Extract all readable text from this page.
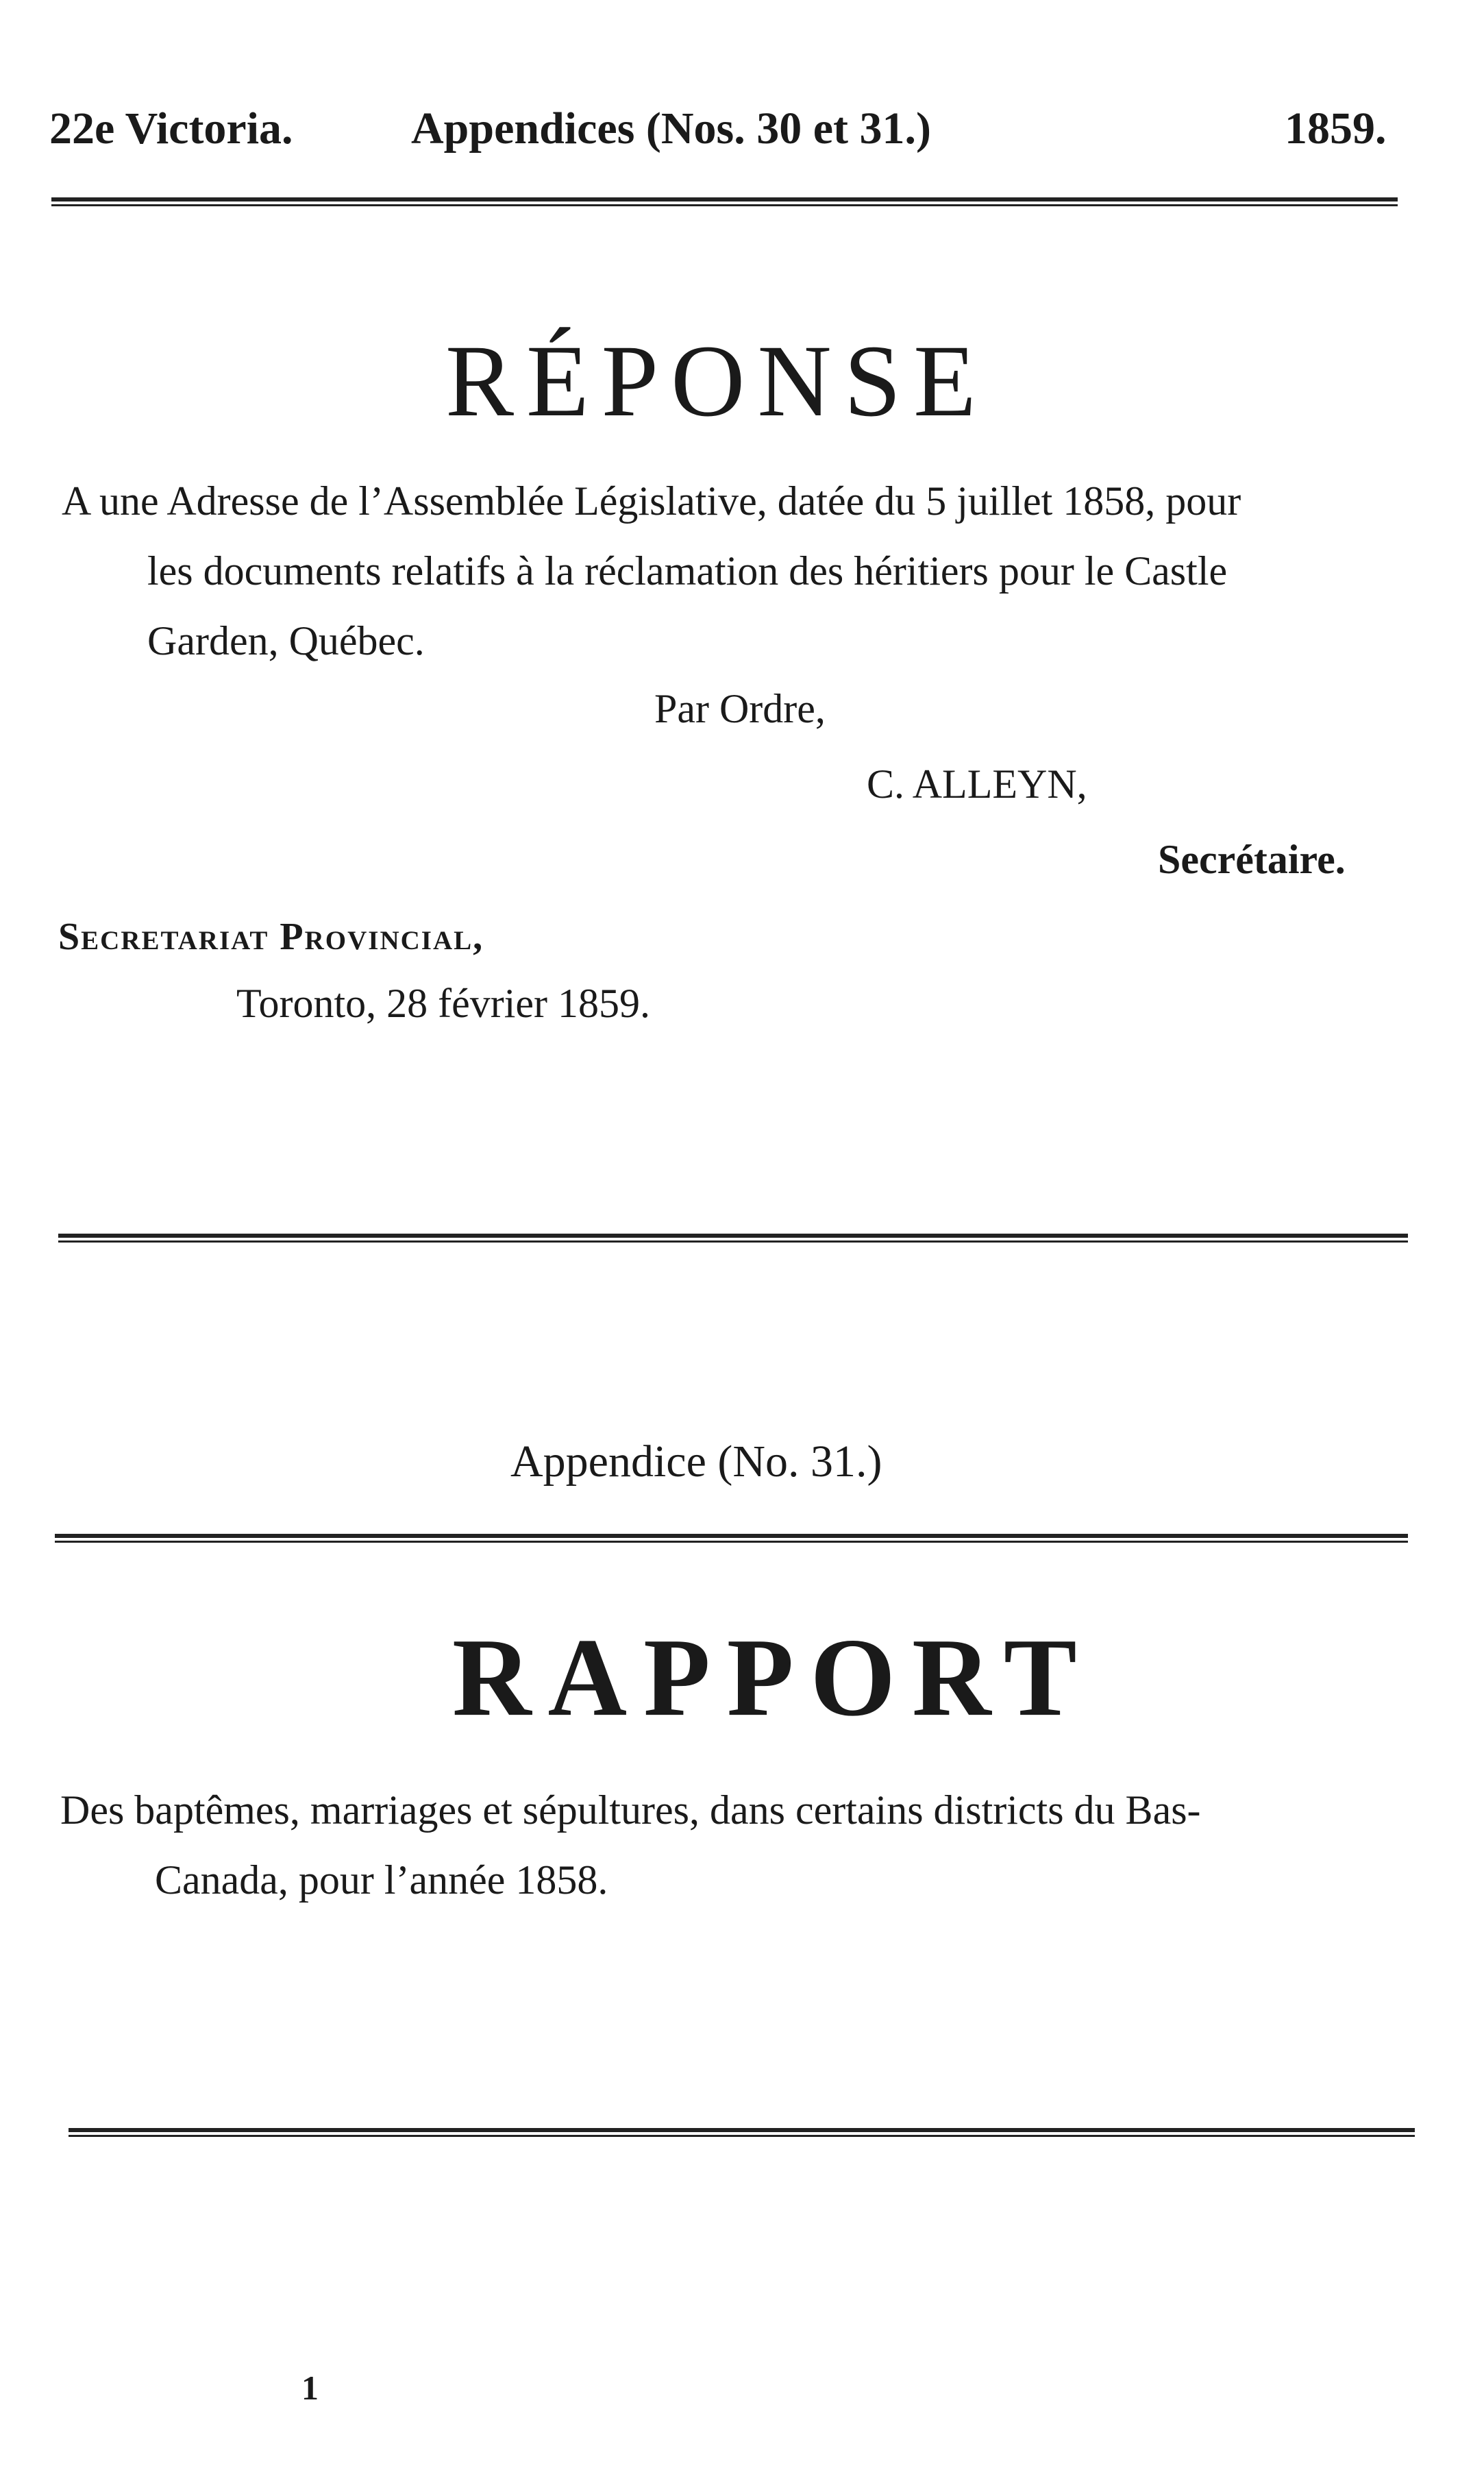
22e Victoria.	Appendices (Nos. 30 et 31.)	1859.
RÉPONSE
A une Adresse de l’Assemblée Législative, datée du 5 juillet 1858, pour
les documents relatifs à la réclamation des héritiers pour le Castle
Garden, Québec.
Par Ordre,
C. ALLEYN,
Secrétaire.
Secretariat Provincial,
Toronto, 28 février 1859.
Appendice (No. 31.)
RAPPORT
Des baptêmes, marriages et sépultures, dans certains districts du Bas-
Canada, pour l’année 1858.
1
